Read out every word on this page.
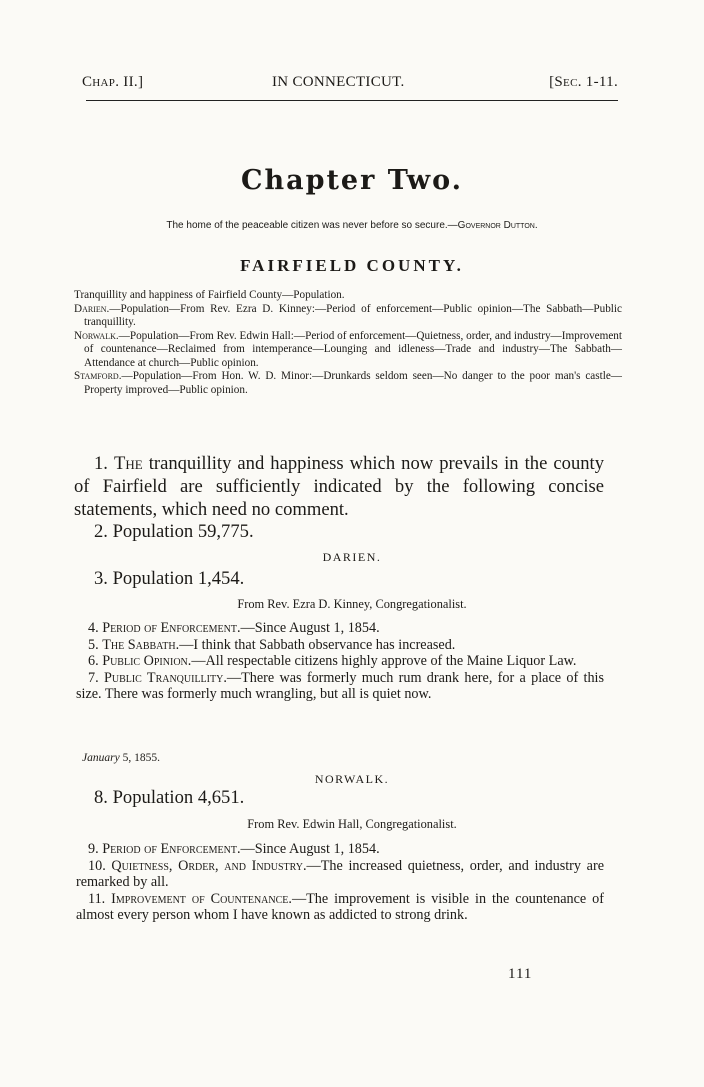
Chap. II.]	IN CONNECTICUT.	[Sec. 1-11.
Chapter Two.
The home of the peaceable citizen was never before so secure.—Governor Dutton.
FAIRFIELD COUNTY.

Tranquillity and happiness of Fairfield County—Population.

Darien.—Population—From Rev. Ezra D. Kinney:—Period of enforcement—Public opinion—The Sabbath—Public tranquillity.

Norwalk.—Population—From Rev. Edwin Hall:—Period of enforcement—Quietness, order, and industry—Improvement of countenance—Reclaimed from intemperance—Lounging and idleness—Trade and industry—The Sabbath—Attendance at church—Public opinion.

Stamford.—Population—From Hon. W. D. Minor:—Drunkards seldom seen—No danger to the poor man's castle—Property improved—Public opinion.

1. The tranquillity and happiness which now prevails in the county of Fairfield are sufficiently indicated by the following concise statements, which need no comment.

2. Population 59,775.
DARIEN.
3. Population 1,454.
From Rev. Ezra D. Kinney, Congregationalist.

4. Period of Enforcement.—Since August 1, 1854.

5. The Sabbath.—I think that Sabbath observance has increased.

6. Public Opinion.—All respectable citizens highly approve of the Maine Liquor Law.

7. Public Tranquillity.—There was formerly much rum drank here, for a place of this size. There was formerly much wrangling, but all is quiet now.

January 5, 1855.
NORWALK.
8. Population 4,651.
From Rev. Edwin Hall, Congregationalist.

9. Period of Enforcement.—Since August 1, 1854.

10. Quietness, Order, and Industry.—The increased quietness, order, and industry are remarked by all.

11. Improvement of Countenance.—The improvement is visible in the countenance of almost every person whom I have known as addicted to strong drink.

111
